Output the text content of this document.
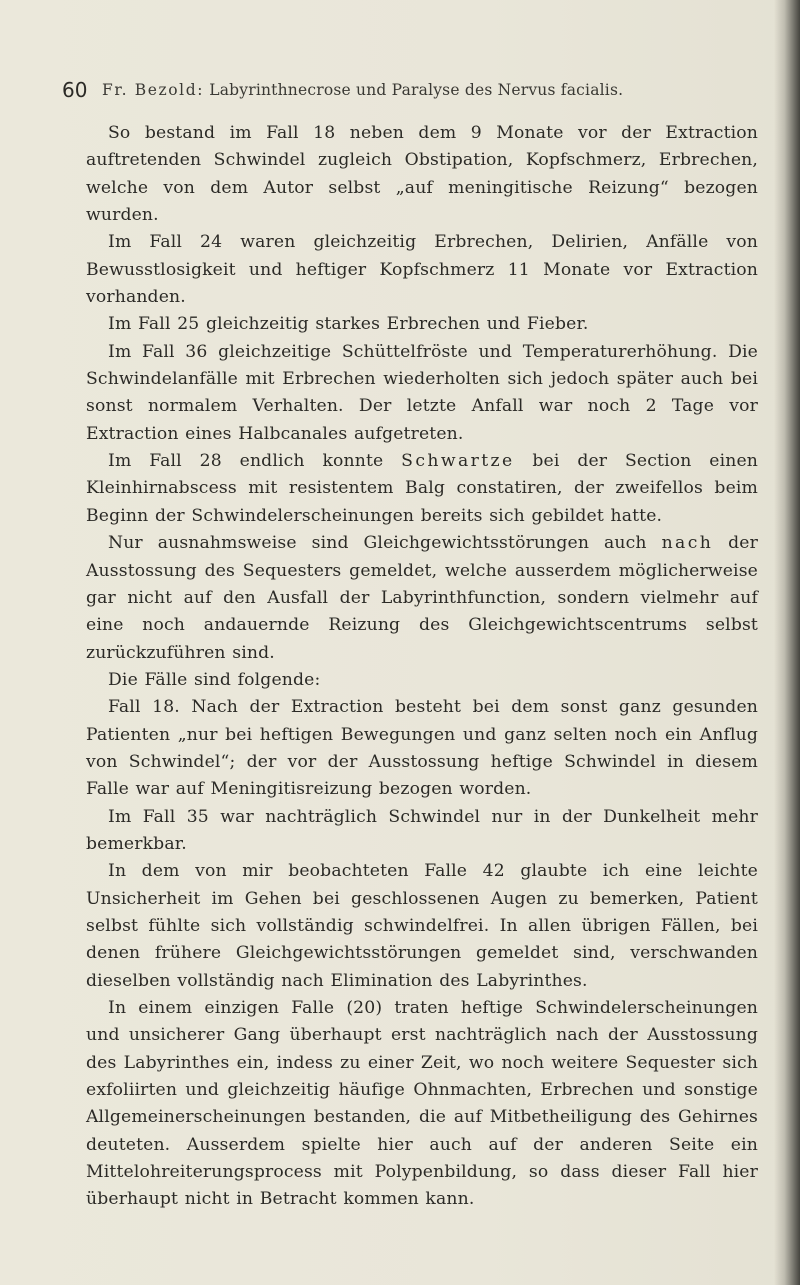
60 Fr. Bezold: Labyrinthnecrose und Paralyse des Nervus facialis.

So bestand im Fall 18 neben dem 9 Monate vor der Extraction auftretenden Schwindel zugleich Obstipation, Kopfschmerz, Erbrechen, welche von dem Autor selbst „auf meningitische Reizung“ bezogen wurden.

Im Fall 24 waren gleichzeitig Erbrechen, Delirien, Anfälle von Bewusstlosigkeit und heftiger Kopfschmerz 11 Monate vor Extraction vorhanden.

Im Fall 25 gleichzeitig starkes Erbrechen und Fieber.

Im Fall 36 gleichzeitige Schüttelfröste und Temperaturerhöhung. Die Schwindelanfälle mit Erbrechen wiederholten sich jedoch später auch bei sonst normalem Verhalten. Der letzte Anfall war noch 2 Tage vor Extraction eines Halbcanales aufgetreten.

Im Fall 28 endlich konnte Schwartze bei der Section einen Kleinhirnabscess mit resistentem Balg constatiren, der zweifellos beim Beginn der Schwindelerscheinungen bereits sich gebildet hatte.

Nur ausnahmsweise sind Gleichgewichtsstörungen auch nach der Ausstossung des Sequesters gemeldet, welche ausserdem möglicherweise gar nicht auf den Ausfall der Labyrinthfunction, sondern vielmehr auf eine noch andauernde Reizung des Gleichgewichtscentrums selbst zurückzuführen sind.

Die Fälle sind folgende:

Fall 18. Nach der Extraction besteht bei dem sonst ganz gesunden Patienten „nur bei heftigen Bewegungen und ganz selten noch ein Anflug von Schwindel“; der vor der Ausstossung heftige Schwindel in diesem Falle war auf Meningitisreizung bezogen worden.

Im Fall 35 war nachträglich Schwindel nur in der Dunkelheit mehr bemerkbar.

In dem von mir beobachteten Falle 42 glaubte ich eine leichte Unsicherheit im Gehen bei geschlossenen Augen zu bemerken, Patient selbst fühlte sich vollständig schwindelfrei. In allen übrigen Fällen, bei denen frühere Gleichgewichtsstörungen gemeldet sind, verschwanden dieselben vollständig nach Elimination des Labyrinthes.

In einem einzigen Falle (20) traten heftige Schwindelerscheinungen und unsicherer Gang überhaupt erst nachträglich nach der Ausstossung des Labyrinthes ein, indess zu einer Zeit, wo noch weitere Sequester sich exfoliirten und gleichzeitig häufige Ohnmachten, Erbrechen und sonstige Allgemeinerscheinungen bestanden, die auf Mitbetheiligung des Gehirnes deuteten. Ausserdem spielte hier auch auf der anderen Seite ein Mittelohreiterungsprocess mit Polypenbildung, so dass dieser Fall hier überhaupt nicht in Betracht kommen kann.
